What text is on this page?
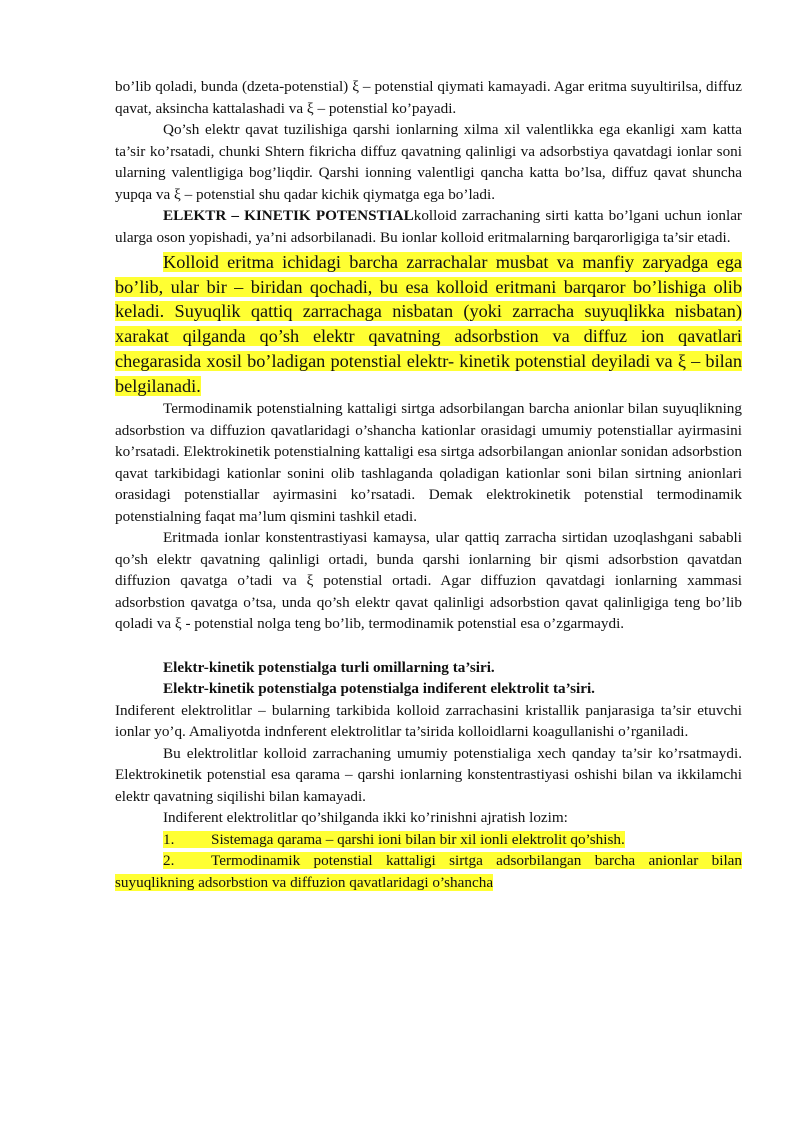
bo’lib qoladi, bunda (dzeta-potenstial) ξ – potenstial qiymati kamayadi. Agar eritma suyultirilsa, diffuz qavat, aksincha kattalashadi va ξ – potenstial ko’payadi.

Qo’sh elektr qavat tuzilishiga qarshi ionlarning xilma xil valentlikka ega ekanligi xam katta ta’sir ko’rsatadi, chunki Shtern fikricha diffuz qavatning qalinligi va adsorbstiya qavatdagi ionlar soni ularning valentligiga bog’liqdir. Qarshi ionning valentligi qancha katta bo’lsa, diffuz qavat shuncha yupqa va ξ – potenstial shu qadar kichik qiymatga ega bo’ladi.

ELEKTR – KINETIK POTENSTIALkolloid zarrachaning sirti katta bo’lgani uchun ionlar ularga oson yopishadi, ya’ni adsorbilanadi. Bu ionlar kolloid eritmalarning barqarorligiga ta’sir etadi.

Kolloid eritma ichidagi barcha zarrachalar musbat va manfiy zaryadga ega bo’lib, ular bir – biridan qochadi, bu esa kolloid eritmani barqaror bo’lishiga olib keladi. Suyuqlik qattiq zarrachaga nisbatan (yoki zarracha suyuqlikka nisbatan) xarakat qilganda qo’sh elektr qavatning adsorbstion va diffuz ion qavatlari chegarasida xosil bo’ladigan potenstial elektr- kinetik potenstial deyiladi va ξ – bilan belgilanadi.

Termodinamik potenstialning kattaligi sirtga adsorbilangan barcha anionlar bilan suyuqlikning adsorbstion va diffuzion qavatlaridagi o’shancha kationlar orasidagi umumiy potenstiallar ayirmasini ko’rsatadi. Elektrokinetik potenstialning kattaligi esa sirtga adsorbilangan anionlar sonidan adsorbstion qavat tarkibidagi kationlar sonini olib tashlaganda qoladigan kationlar soni bilan sirtning anionlari orasidagi potenstiallar ayirmasini ko’rsatadi. Demak elektrokinetik potenstial termodinamik potenstialning faqat ma’lum qismini tashkil etadi.

Eritmada ionlar konstentrastiyasi kamaysa, ular qattiq zarracha sirtidan uzoqlashgani sababli qo’sh elektr qavatning qalinligi ortadi, bunda qarshi ionlarning bir qismi adsorbstion qavatdan diffuzion qavatga o’tadi va ξ potenstial ortadi. Agar diffuzion qavatdagi ionlarning xammasi adsorbstion qavatga o’tsa, unda qo’sh elektr qavat qalinligi adsorbstion qavat qalinligiga teng bo’lib qoladi va ξ - potenstial nolga teng bo’lib, termodinamik potenstial esa o’zgarmaydi.

Elektr-kinetik potenstialga turli omillarning ta’siri.

Elektr-kinetik potenstialga potenstialga indiferent elektrolit ta’siri.

Indiferent elektrolitlar – bularning tarkibida kolloid zarrachasini kristallik panjarasiga ta’sir etuvchi ionlar yo’q. Amaliyotda indnferent elektrolitlar ta’sirida kolloidlarni koagullanishi o’rganiladi.

Bu elektrolitlar kolloid zarrachaning umumiy potenstialiga xech qanday ta’sir ko’rsatmaydi. Elektrokinetik potenstial esa qarama – qarshi ionlarning konstentrastiyasi oshishi bilan va ikkilamchi elektr qavatning siqilishi bilan kamayadi.

Indiferent elektrolitlar qo’shilganda ikki ko’rinishni ajratish lozim:

1. Sistemaga qarama – qarshi ioni bilan bir xil ionli elektrolit qo’shish.

2. Termodinamik potenstial kattaligi sirtga adsorbilangan barcha anionlar bilan suyuqlikning adsorbstion va diffuzion qavatlaridagi o’shancha
